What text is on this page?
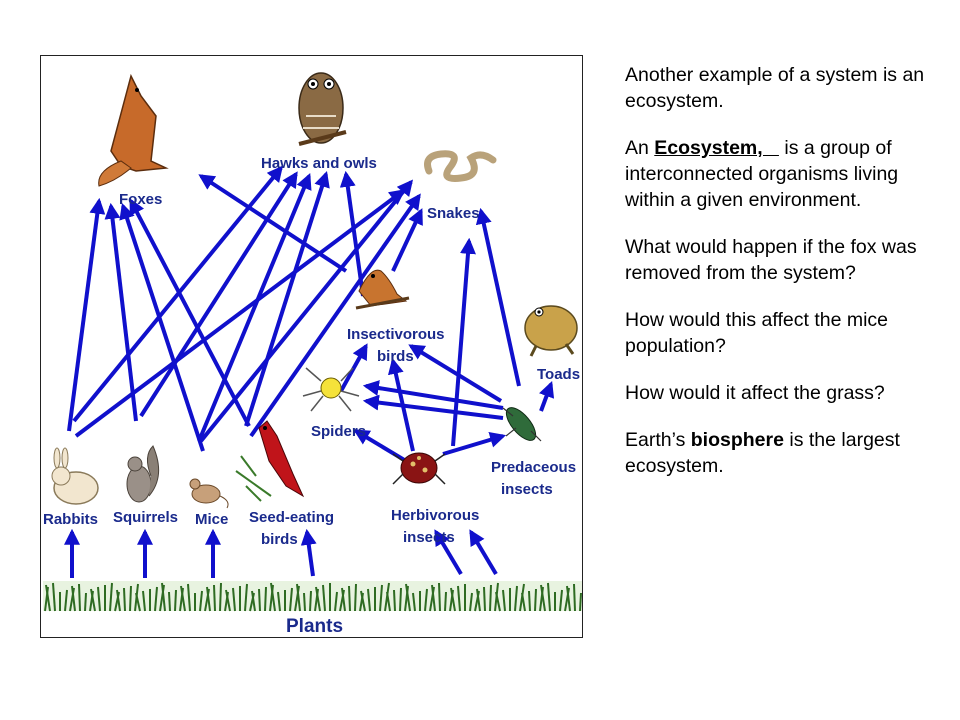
Foxes
Hawks and owls
Snakes
Insectivorous
birds
Toads
Spiders
Predaceous
insects
Rabbits Squirrels Mice Seed-eating
birds
Herbivorous
insects
Plants

Another example of a system is an ecosystem.

An Ecosystem,    is a group of interconnected organisms living within a given environment.

What would happen if the fox was removed from the system?

How would this affect the mice population?

How would it affect the grass?

Earth’s biosphere is the largest ecosystem.
